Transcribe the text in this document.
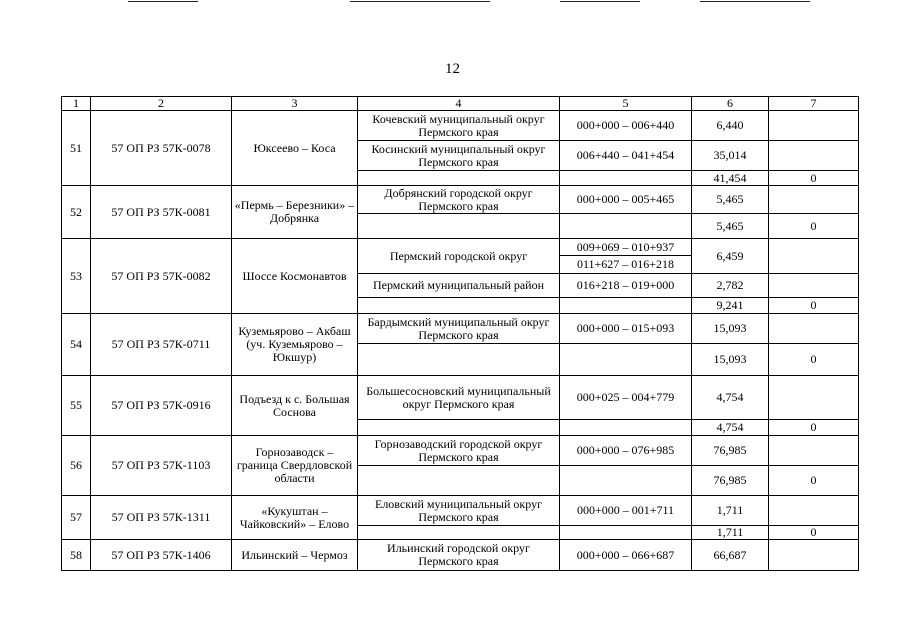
12
1	2	3	4	5	6	7
51	57 ОП РЗ 57К-0078	Юксеево – Коса	Кочевский муниципальный округ Пермского края	000+000 – 006+440	6,440	
			Косинский муниципальный округ Пермского края	006+440 – 041+454	35,014	
					41,454	0
52	57 ОП РЗ 57К-0081	«Пермь – Березники» – Добрянка	Добрянский городской округ Пермского края	000+000 – 005+465	5,465	
					5,465	0
53	57 ОП РЗ 57К-0082	Шоссе Космонавтов	Пермский городской округ	009+069 – 010+937	6,459	
				011+627 – 016+218		
			Пермский муниципальный район	016+218 – 019+000	2,782	

					9,241	0
54	57 ОП РЗ 57К-0711	Куземьярово – Акбаш (уч. Куземьярово – Юкшур)	Бардымский муниципальный округ Пермского края	000+000 – 015+093	15,093	
					15,093	0
55	57 ОП РЗ 57К-0916	Подъезд к с. Большая Соснова	Большесосновский муниципальный округ Пермского края	000+025 – 004+779	4,754	
					4,754	0
56	57 ОП РЗ 57К-1103	Горнозаводск – граница Свердловской области	Горнозаводский городской округ Пермского края	000+000 – 076+985	76,985	
					76,985	0
57	57 ОП РЗ 57К-1311	«Кукуштан – Чайковский» – Елово	Еловский муниципальный округ Пермского края	000+000 – 001+711	1,711	
					1,711	0
58	57 ОП РЗ 57К-1406	Ильинский – Чермоз	Ильинский городской округ Пермского края	000+000 – 066+687	66,687	
